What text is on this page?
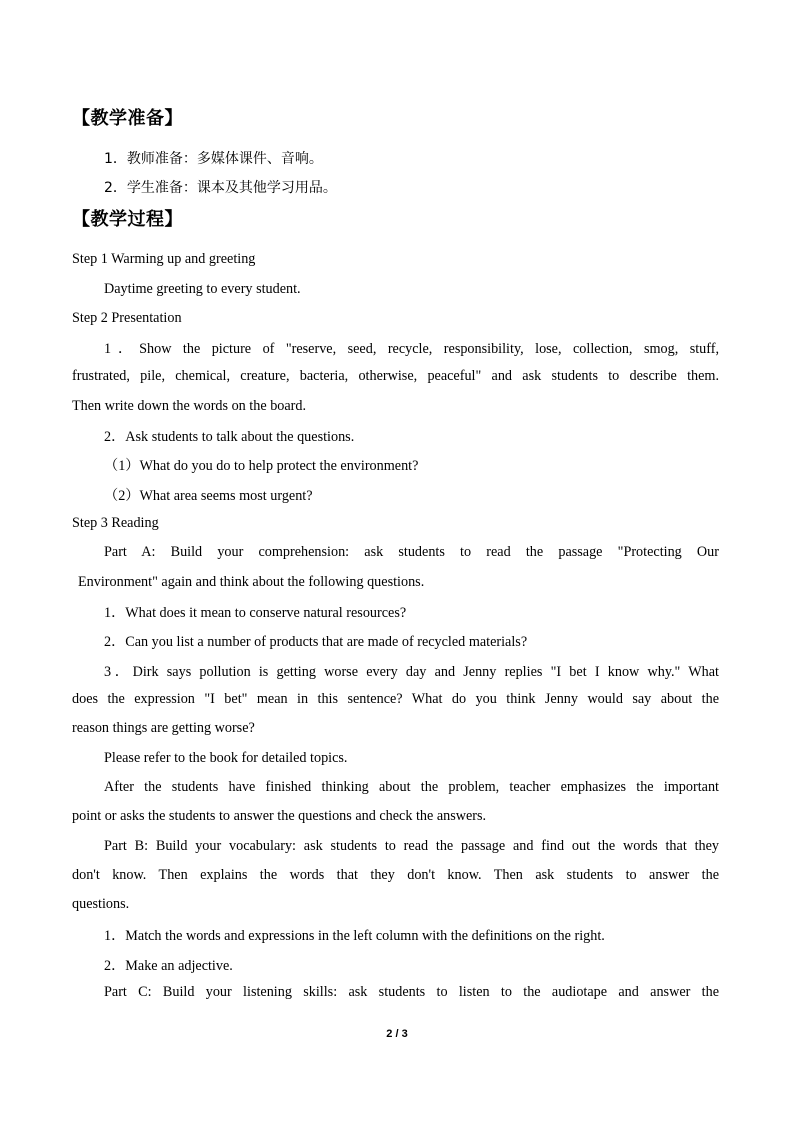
【教学准备】
1．教师准备：多媒体课件、音响。
2．学生准备：课本及其他学习用品。
【教学过程】
Step 1 Warming up and greeting
Daytime greeting to every student.
Step 2 Presentation
1．Show the picture of "reserve, seed, recycle, responsibility, lose, collection, smog, stuff,
frustrated, pile, chemical, creature, bacteria, otherwise, peaceful" and ask students to describe them.
Then write down the words on the board.
2．Ask students to talk about the questions.
（1）What do you do to help protect the environment?
（2）What area seems most urgent?
Step 3 Reading
Part A: Build your comprehension: ask students to read the passage "Protecting Our
Environment" again and think about the following questions.
1．What does it mean to conserve natural resources?
2．Can you list a number of products that are made of recycled materials?
3．Dirk says pollution is getting worse every day and Jenny replies "I bet I know why." What
does the expression "I bet" mean in this sentence? What do you think Jenny would say about the
reason things are getting worse?
Please refer to the book for detailed topics.
After the students have finished thinking about the problem, teacher emphasizes the important
point or asks the students to answer the questions and check the answers.
Part B: Build your vocabulary: ask students to read the passage and find out the words that they
don't know. Then explains the words that they don't know. Then ask students to answer the
questions.
1．Match the words and expressions in the left column with the definitions on the right.
2．Make an adjective.
Part C: Build your listening skills: ask students to listen to the audiotape and answer the
2 / 3
